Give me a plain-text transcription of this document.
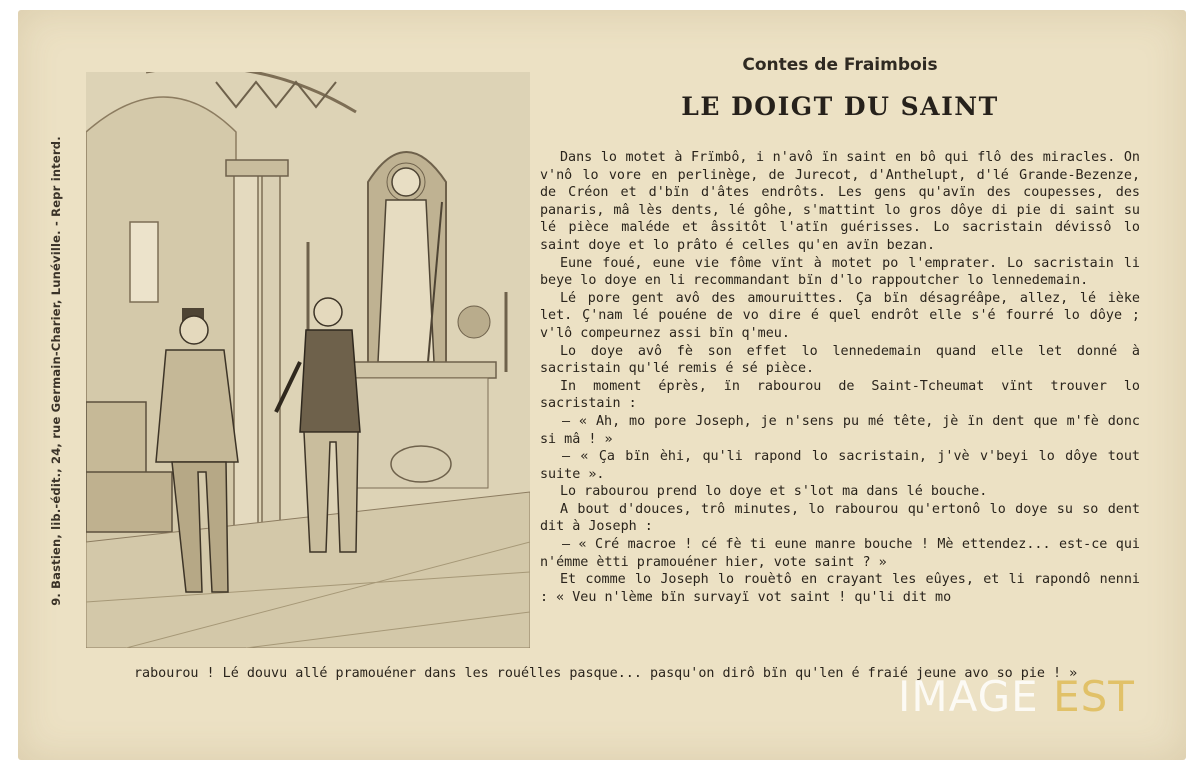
9. Bastien, lib.-édit., 24, rue Germain-Charier, Lunéville. - Repr interd.
Contes de Fraimbois
LE DOIGT DU SAINT

Dans lo motet à Frïmbô, i n'avô ïn saint en bô qui flô des miracles. On v'nô lo vore en perlinège, de Jurecot, d'Anthelupt, d'lé Grande-Bezenze, de Créon et d'bïn d'âtes endrôts. Les gens qu'avïn des coupesses, des panaris, mâ lès dents, lé gôhe, s'mattint lo gros dôye di pie di saint su lé pièce maléde et âssitôt l'atïn guérisses. Lo sacristain dévissô lo saint doye et lo prâto é celles qu'en avïn bezan.

Eune foué, eune vie fôme vïnt à motet po l'emprater. Lo sacristain li beye lo doye en li recommandant bïn d'lo rappoutcher lo lennedemain.

Lé pore gent avô des amouruittes. Ça bïn désagréâpe, allez, lé ièke let. Ç'nam lé pouéne de vo dire é quel endrôt elle s'é fourré lo dôye ; v'lô compeurnez assi bïn q'meu.

Lo doye avô fè son effet lo lennedemain quand elle let donné à sacristain qu'lé remis é sé pièce.

In moment éprès, ïn rabourou de Saint-Tcheumat vïnt trouver lo sacristain :

— « Ah, mo pore Joseph, je n'sens pu mé tête, jè ïn dent que m'fè donc si mâ ! »

— « Ça bïn èhi, qu'li rapond lo sacristain, j'vè v'beyi lo dôye tout suite ».

Lo rabourou prend lo doye et s'lot ma dans lé bouche.

A bout d'douces, trô minutes, lo rabourou qu'ertonô lo doye su so dent dit à Joseph :

— « Cré macroe ! cé fè ti eune manre bouche ! Mè ettendez... est-ce qui n'émme ètti pramouéner hier, vote saint ? »

Et comme lo Joseph lo rouètô en crayant les eûyes, et li rapondô nenni : « Veu n'lème bïn survayï vot saint ! qu'li dit mo

rabourou ! Lé douvu allé pramouéner dans les rouélles pasque... pasqu'on dirô bïn qu'len é fraié jeune avo so pie ! »

IMAGE EST
